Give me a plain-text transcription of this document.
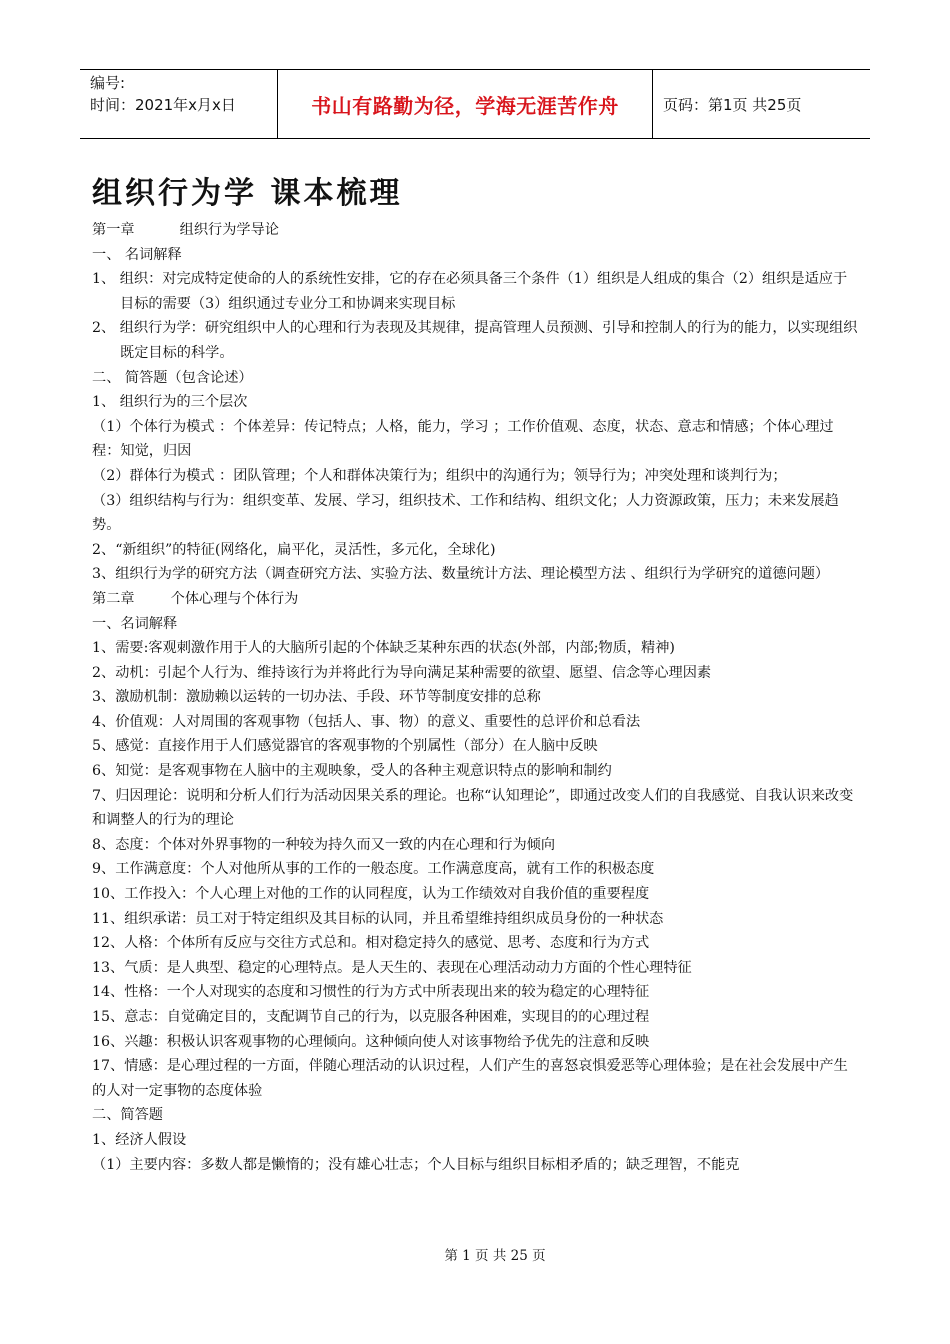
编号:
时间：2021年x月x日	书山有路勤为径，学海无涯苦作舟	页码：第1页 共25页
组织行为学 课本梳理

第一章          组织行为学导论

一、 名词解释

1、 组织：对完成特定使命的人的系统性安排，它的存在必须具备三个条件（1）组织是人组成的集合（2）组织是适应于目标的需要（3）组织通过专业分工和协调来实现目标

2、 组织行为学：研究组织中人的心理和行为表现及其规律，提高管理人员预测、引导和控制人的行为的能力，以实现组织既定目标的科学。

二、 简答题（包含论述）

1、 组织行为的三个层次

（1）个体行为模式 ：个体差异：传记特点；人格，能力，学习 ；工作价值观、态度，状态、意志和情感；个体心理过程：知觉，归因

（2）群体行为模式 ：团队管理；个人和群体决策行为；组织中的沟通行为；领导行为；冲突处理和谈判行为；

（3）组织结构与行为：组织变革、发展、学习，组织技术、工作和结构、组织文化；人力资源政策，压力；未来发展趋势。

2、“新组织”的特征(网络化，扁平化，灵活性，多元化，全球化)

3、组织行为学的研究方法（调查研究方法、实验方法、数量统计方法、理论模型方法 、组织行为学研究的道德问题）

第二章        个体心理与个体行为

一、名词解释

1、需要:客观刺激作用于人的大脑所引起的个体缺乏某种东西的状态(外部，内部;物质，精神)

2、动机：引起个人行为、维持该行为并将此行为导向满足某种需要的欲望、愿望、信念等心理因素

3、激励机制：激励赖以运转的一切办法、手段、环节等制度安排的总称

4、价值观：人对周围的客观事物（包括人、事、物）的意义、重要性的总评价和总看法

5、感觉：直接作用于人们感觉器官的客观事物的个别属性（部分）在人脑中反映

6、知觉：是客观事物在人脑中的主观映象，受人的各种主观意识特点的影响和制约

7、归因理论：说明和分析人们行为活动因果关系的理论。也称“认知理论”，即通过改变人们的自我感觉、自我认识来改变和调整人的行为的理论

8、态度：个体对外界事物的一种较为持久而又一致的内在心理和行为倾向

9、工作满意度：个人对他所从事的工作的一般态度。工作满意度高，就有工作的积极态度

10、工作投入：个人心理上对他的工作的认同程度，认为工作绩效对自我价值的重要程度

11、组织承诺：员工对于特定组织及其目标的认同，并且希望维持组织成员身份的一种状态

12、人格：个体所有反应与交往方式总和。相对稳定持久的感觉、思考、态度和行为方式

13、气质：是人典型、稳定的心理特点。是人天生的、表现在心理活动动力方面的个性心理特征

14、性格：一个人对现实的态度和习惯性的行为方式中所表现出来的较为稳定的心理特征

15、意志：自觉确定目的，支配调节自己的行为，以克服各种困难，实现目的的心理过程

16、兴趣：积极认识客观事物的心理倾向。这种倾向使人对该事物给予优先的注意和反映

17、情感：是心理过程的一方面，伴随心理活动的认识过程，人们产生的喜怒哀惧爱恶等心理体验；是在社会发展中产生的人对一定事物的态度体验

二、简答题

1、经济人假设

（1）主要内容：多数人都是懒惰的；没有雄心壮志；个人目标与组织目标相矛盾的；缺乏理智，不能克

第 1 页 共 25 页
